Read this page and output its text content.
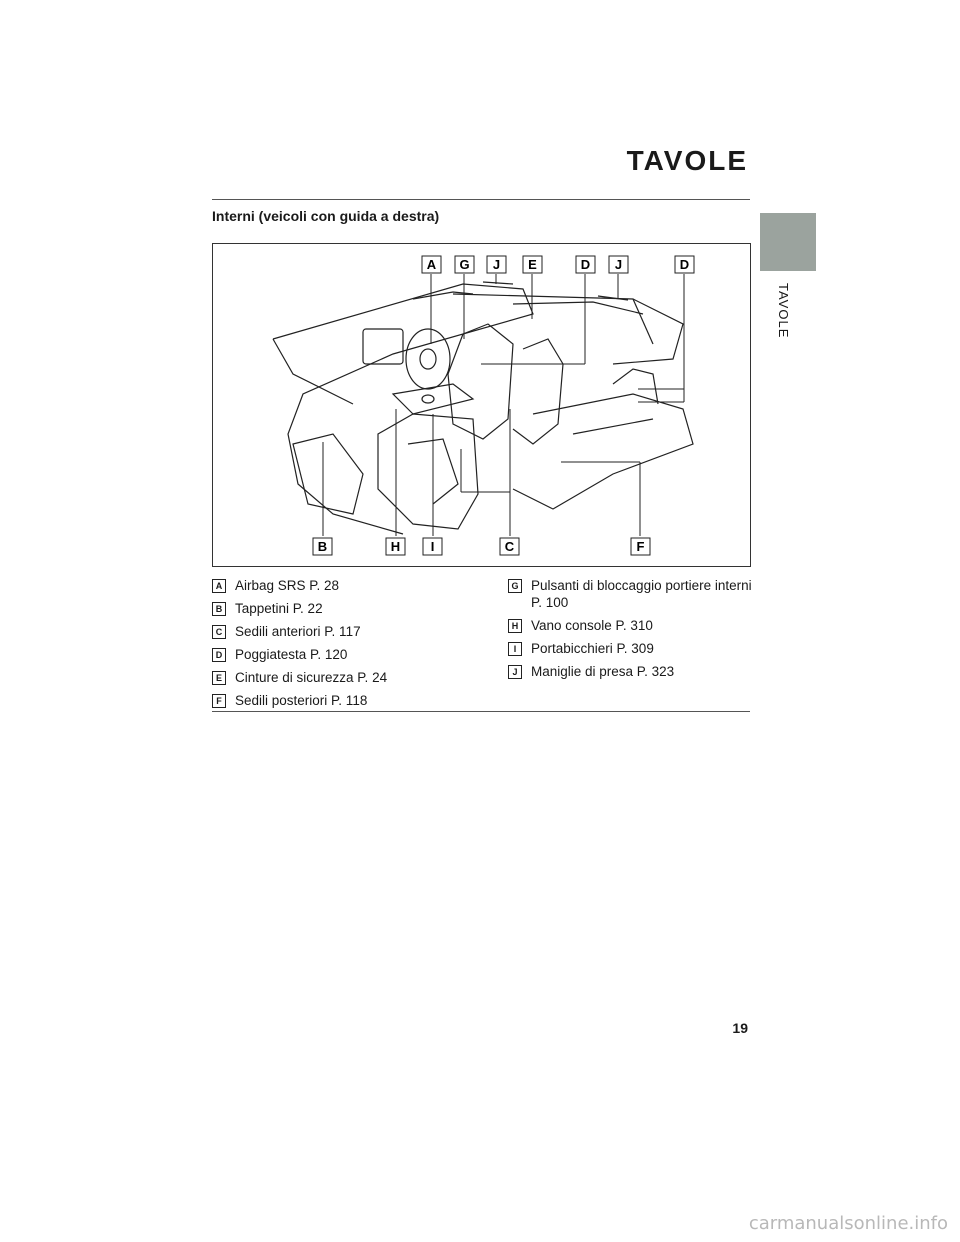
TAVOLE
TAVOLE
Interni (veicoli con guida a destra)
A G J E	D J	D
B	H I	C	F
A Airbag SRS P. 28
B Tappetini P. 22
C Sedili anteriori P. 117
D Poggiatesta P. 120
E Cinture di sicurezza P. 24
F Sedili posteriori P. 118
G Pulsanti di bloccaggio portiere interni P. 100
H Vano console P. 310
I	Portabicchieri P. 309
J	Maniglie di presa P. 323
19
carmanualsonline.info
